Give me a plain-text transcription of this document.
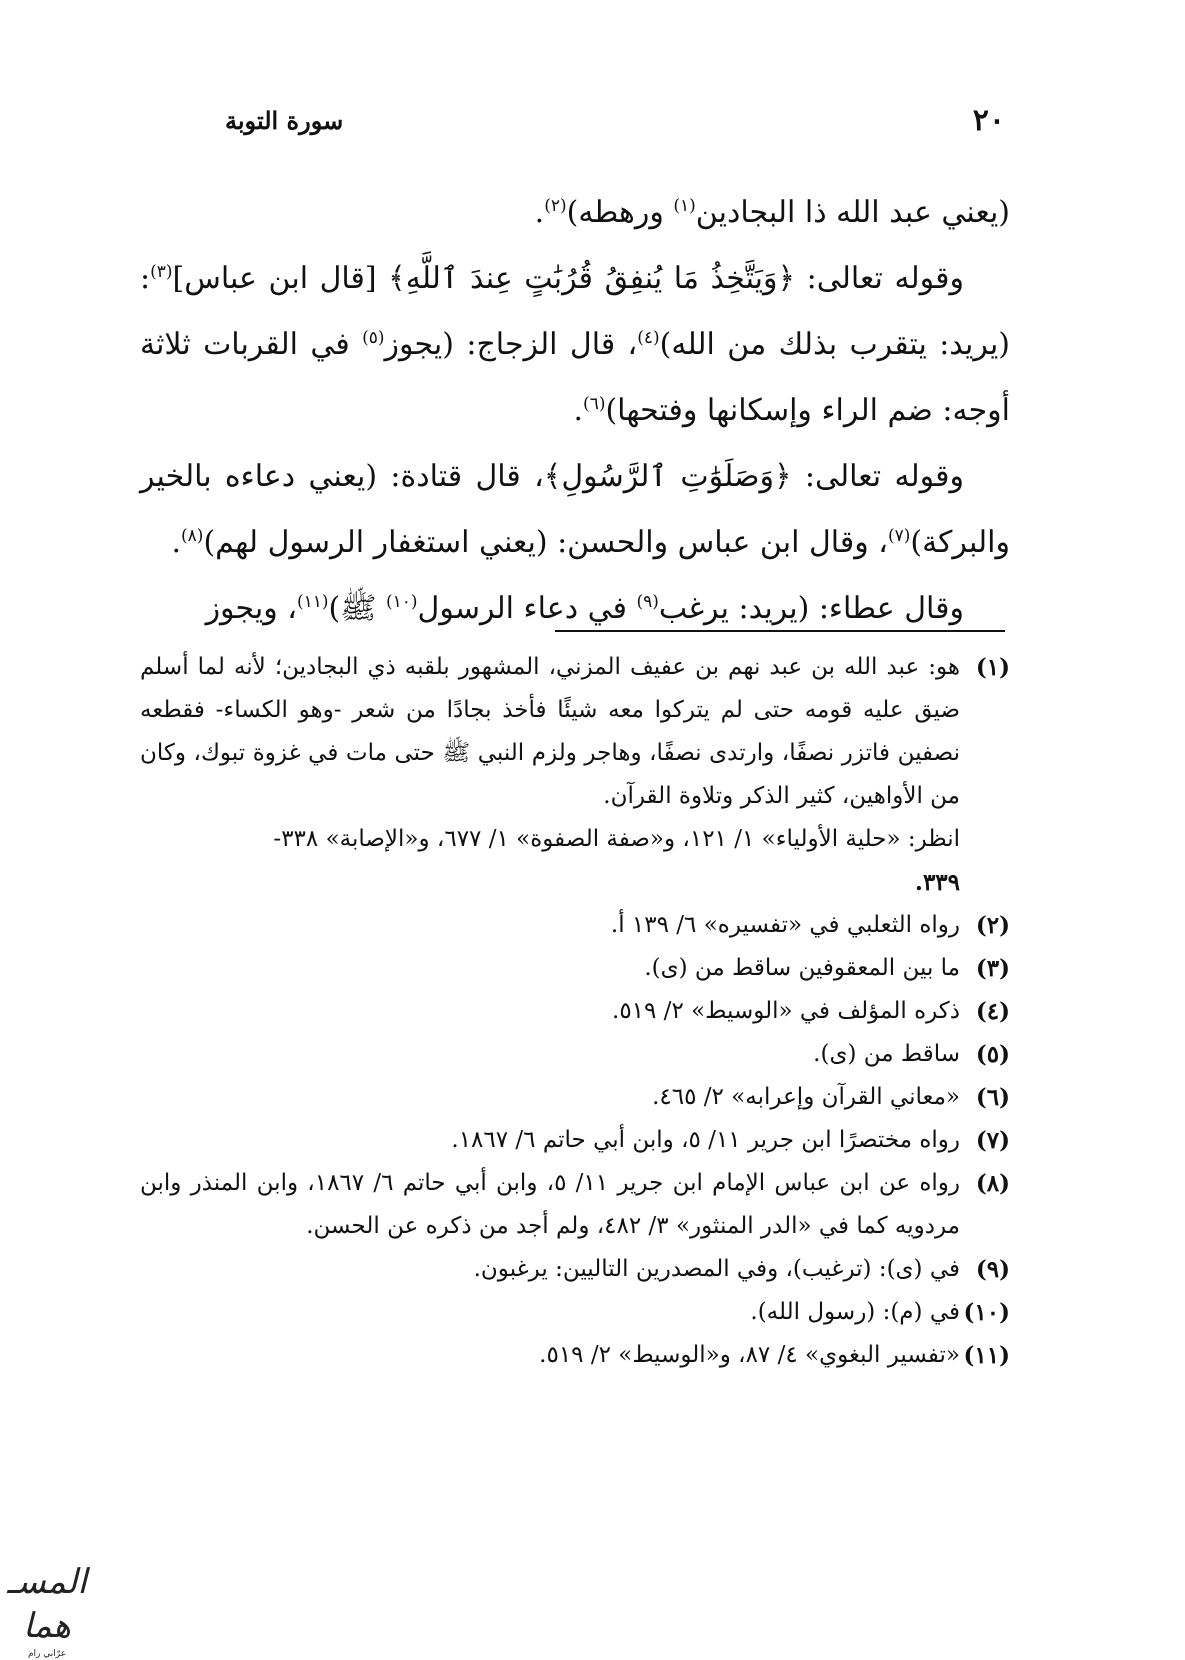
٢٠
سورة التوبة

(يعني عبد الله ذا البجادين$^{(١)}$ ورهطه)$^{(٢)}$.

وقوله تعالى: ﴿وَيَتَّخِذُ مَا يُنفِقُ قُرُبَٰتٍ عِندَ ٱللَّهِ﴾ [قال ابن عباس]$^{(٣)}$: (يريد: يتقرب بذلك من الله)$^{(٤)}$، قال الزجاج: (يجوز$^{(٥)}$ في القربات ثلاثة أوجه: ضم الراء وإسكانها وفتحها)$^{(٦)}$.

وقوله تعالى: ﴿وَصَلَوَٰتِ ٱلرَّسُولِ﴾، قال قتادة: (يعني دعاءه بالخير والبركة)$^{(٧)}$، وقال ابن عباس والحسن: (يعني استغفار الرسول لهم)$^{(٨)}$.

وقال عطاء: (يريد: يرغب$^{(٩)}$ في دعاء الرسول$^{(١٠)}$ ﷺ)$^{(١١)}$، ويجوز

(١)
هو: عبد الله بن عبد نهم بن عفيف المزني، المشهور بلقبه ذي البجادين؛ لأنه لما أسلم ضيق عليه قومه حتى لم يتركوا معه شيئًا فأخذ بجادًا من شعر -وهو الكساء- فقطعه نصفين فاتزر نصفًا، وارتدى نصفًا، وهاجر ولزم النبي ﷺ حتى مات في غزوة تبوك، وكان من الأواهين، كثير الذكر وتلاوة القرآن.
انظر: «حلية الأولياء» ١/ ١٢١، و«صفة الصفوة» ١/ ٦٧٧، و«الإصابة» ٣٣٨-
٣٣٩.
(٢)
رواه الثعلبي في «تفسيره» ٦/ ١٣٩ أ.
(٣)
ما بين المعقوفين ساقط من (ى).
(٤)
ذكره المؤلف في «الوسيط» ٢/ ٥١٩.
(٥)
ساقط من (ى).
(٦)
«معاني القرآن وإعرابه» ٢/ ٤٦٥.
(٧)
رواه مختصرًا ابن جرير ١١/ ٥، وابن أبي حاتم ٦/ ١٨٦٧.
(٨)
رواه عن ابن عباس الإمام ابن جرير ١١/ ٥، وابن أبي حاتم ٦/ ١٨٦٧، وابن المنذر وابن مردويه كما في «الدر المنثور» ٣/ ٤٨٢، ولم أجد من ذكره عن الحسن.
(٩)
في (ى): (ترغيب)، وفي المصدرين التاليين: يرغبون.
(١٠)
في (م): (رسول الله).
(١١)
«تفسير البغوي» ٤/ ٨٧، و«الوسيط» ٢/ ٥١٩.
المسـ هما
عرّابي رام
